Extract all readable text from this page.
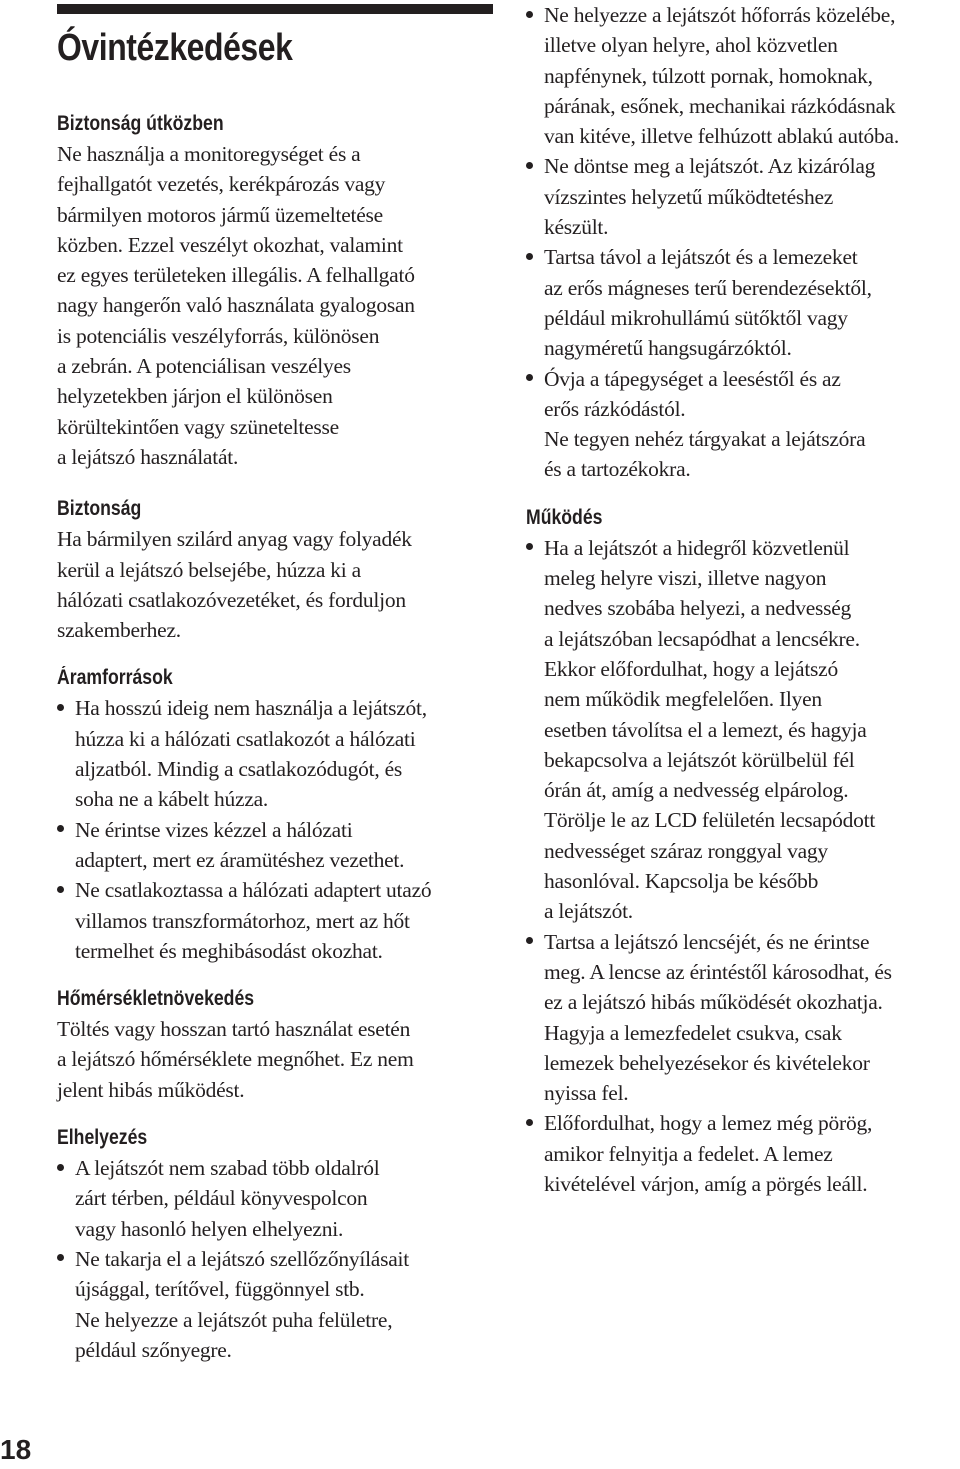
Óvintézkedések
Biztonság útközben
Ne használja a monitoregységet és a
fejhallgatót vezetés, kerékpározás vagy
bármilyen motoros jármű üzemeltetése
közben. Ezzel veszélyt okozhat, valamint
ez egyes területeken illegális. A felhallgató
nagy hangerőn való használata gyalogosan
is potenciális veszélyforrás, különösen
a zebrán. A potenciálisan veszélyes
helyzetekben járjon el különösen
körültekintően vagy szüneteltesse
a lejátszó használatát.
Biztonság
Ha bármilyen szilárd anyag vagy folyadék
kerül a lejátszó belsejébe, húzza ki a
hálózati csatlakozóvezetéket, és forduljon
szakemberhez.
Áramforrások
Ha hosszú ideig nem használja a lejátszót,
húzza ki a hálózati csatlakozót a hálózati
aljzatból. Mindig a csatlakozódugót, és
soha ne a kábelt húzza.
Ne érintse vizes kézzel a hálózati
adaptert, mert ez áramütéshez vezethet.
Ne csatlakoztassa a hálózati adaptert utazó
villamos transzformátorhoz, mert az hőt
termelhet és meghibásodást okozhat.
Hőmérsékletnövekedés
Töltés vagy hosszan tartó használat esetén
a lejátszó hőmérséklete megnőhet. Ez nem
jelent hibás működést.
Elhelyezés
A lejátszót nem szabad több oldalról
zárt térben, például könyvespolcon
vagy hasonló helyen elhelyezni.
Ne takarja el a lejátszó szellőzőnyílásait
újsággal, terítővel, függönnyel stb.
Ne helyezze a lejátszót puha felületre,
például szőnyegre.
Ne helyezze a lejátszót hőforrás közelébe,
illetve olyan helyre, ahol közvetlen
napfénynek, túlzott pornak, homoknak,
párának, esőnek, mechanikai rázkódásnak
van kitéve, illetve felhúzott ablakú autóba.
Ne döntse meg a lejátszót. Az kizárólag
vízszintes helyzetű működtetéshez
készült.
Tartsa távol a lejátszót és a lemezeket
az erős mágneses terű berendezésektől,
például mikrohullámú sütőktől vagy
nagyméretű hangsugárzóktól.
Óvja a tápegységet a leeséstől és az
erős rázkódástól.
Ne tegyen nehéz tárgyakat a lejátszóra
és a tartozékokra.
Működés
Ha a lejátszót a hidegről közvetlenül
meleg helyre viszi, illetve nagyon
nedves szobába helyezi, a nedvesség
a lejátszóban lecsapódhat a lencsékre.
Ekkor előfordulhat, hogy a lejátszó
nem működik megfelelően. Ilyen
esetben távolítsa el a lemezt, és hagyja
bekapcsolva a lejátszót körülbelül fél
órán át, amíg a nedvesség elpárolog.
Törölje le az LCD felületén lecsapódott
nedvességet száraz ronggyal vagy
hasonlóval. Kapcsolja be később
a lejátszót.
Tartsa a lejátszó lencséjét, és ne érintse
meg. A lencse az érintéstől károsodhat, és
ez a lejátszó hibás működését okozhatja.
Hagyja a lemezfedelet csukva, csak
lemezek behelyezésekor és kivételekor
nyissa fel.
Előfordulhat, hogy a lemez még pörög,
amikor felnyitja a fedelet. A lemez
kivételével várjon, amíg a pörgés leáll.
18
